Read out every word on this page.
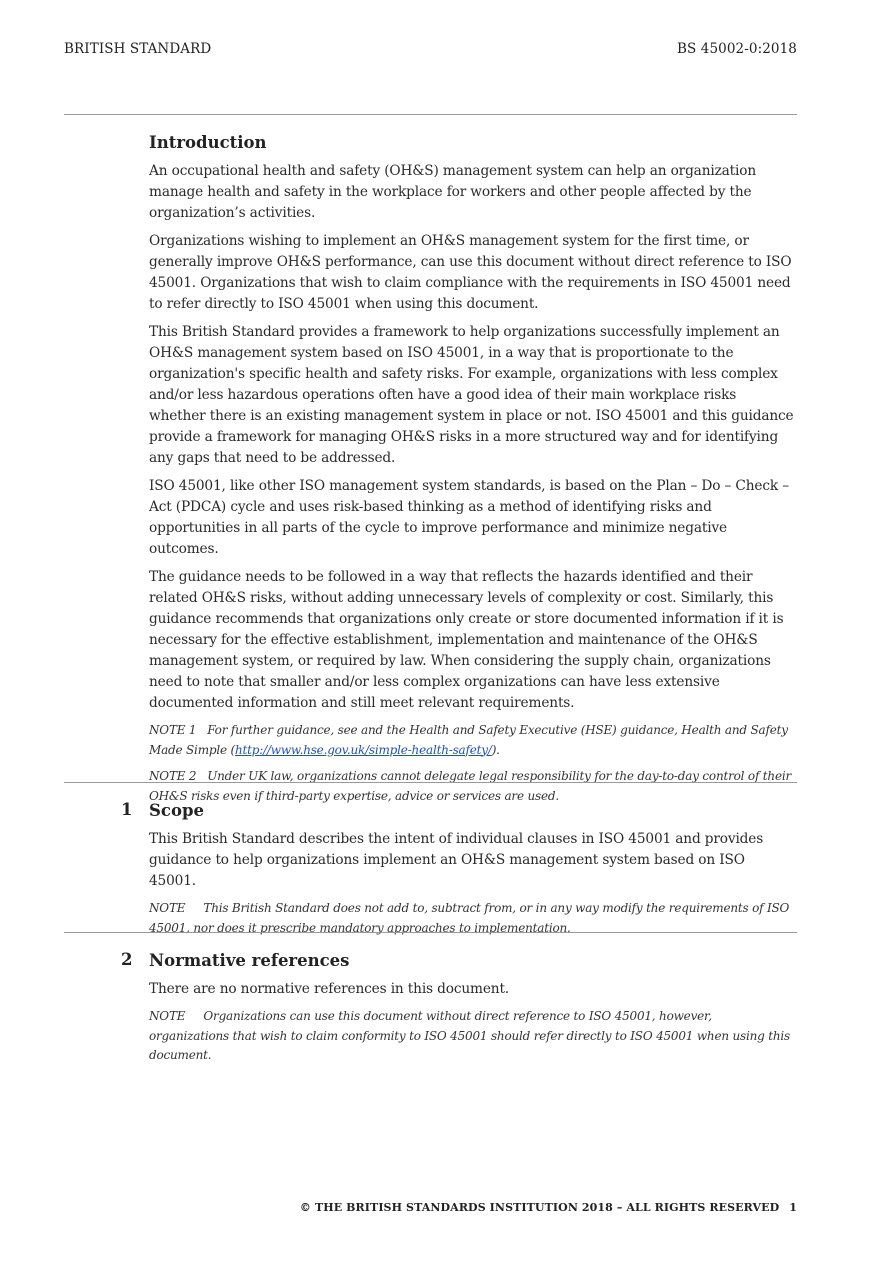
BRITISH STANDARD	BS 45002-0:2018
Introduction

An occupational health and safety (OH&S) management system can help an organization manage health and safety in the workplace for workers and other people affected by the organization’s activities.

Organizations wishing to implement an OH&S management system for the first time, or generally improve OH&S performance, can use this document without direct reference to ISO 45001. Organizations that wish to claim compliance with the requirements in ISO 45001 need to refer directly to ISO 45001 when using this document.

This British Standard provides a framework to help organizations successfully implement an OH&S management system based on ISO 45001, in a way that is proportionate to the organization's specific health and safety risks. For example, organizations with less complex and/or less hazardous operations often have a good idea of their main workplace risks whether there is an existing management system in place or not. ISO 45001 and this guidance provide a framework for managing OH&S risks in a more structured way and for identifying any gaps that need to be addressed.

ISO 45001, like other ISO management system standards, is based on the Plan – Do – Check – Act (PDCA) cycle and uses risk-based thinking as a method of identifying risks and opportunities in all parts of the cycle to improve performance and minimize negative outcomes.

The guidance needs to be followed in a way that reflects the hazards identified and their related OH&S risks, without adding unnecessary levels of complexity or cost. Similarly, this guidance recommends that organizations only create or store documented information if it is necessary for the effective establishment, implementation and maintenance of the OH&S management system, or required by law. When considering the supply chain, organizations need to note that smaller and/or less complex organizations can have less extensive documented information and still meet relevant requirements.

NOTE 1 For further guidance, see and the Health and Safety Executive (HSE) guidance, Health and Safety Made Simple (http://www.hse.gov.uk/simple-health-safety/).

NOTE 2 Under UK law, organizations cannot delegate legal responsibility for the day-to-day control of their OH&S risks even if third-party expertise, advice or services are used.

1 Scope

This British Standard describes the intent of individual clauses in ISO 45001 and provides guidance to help organizations implement an OH&S management system based on ISO 45001.

NOTE This British Standard does not add to, subtract from, or in any way modify the requirements of ISO 45001, nor does it prescribe mandatory approaches to implementation.

2 Normative references

There are no normative references in this document.

NOTE Organizations can use this document without direct reference to ISO 45001, however, organizations that wish to claim conformity to ISO 45001 should refer directly to ISO 45001 when using this document.

© THE BRITISH STANDARDS INSTITUTION 2018 – ALL RIGHTS RESERVED 1
